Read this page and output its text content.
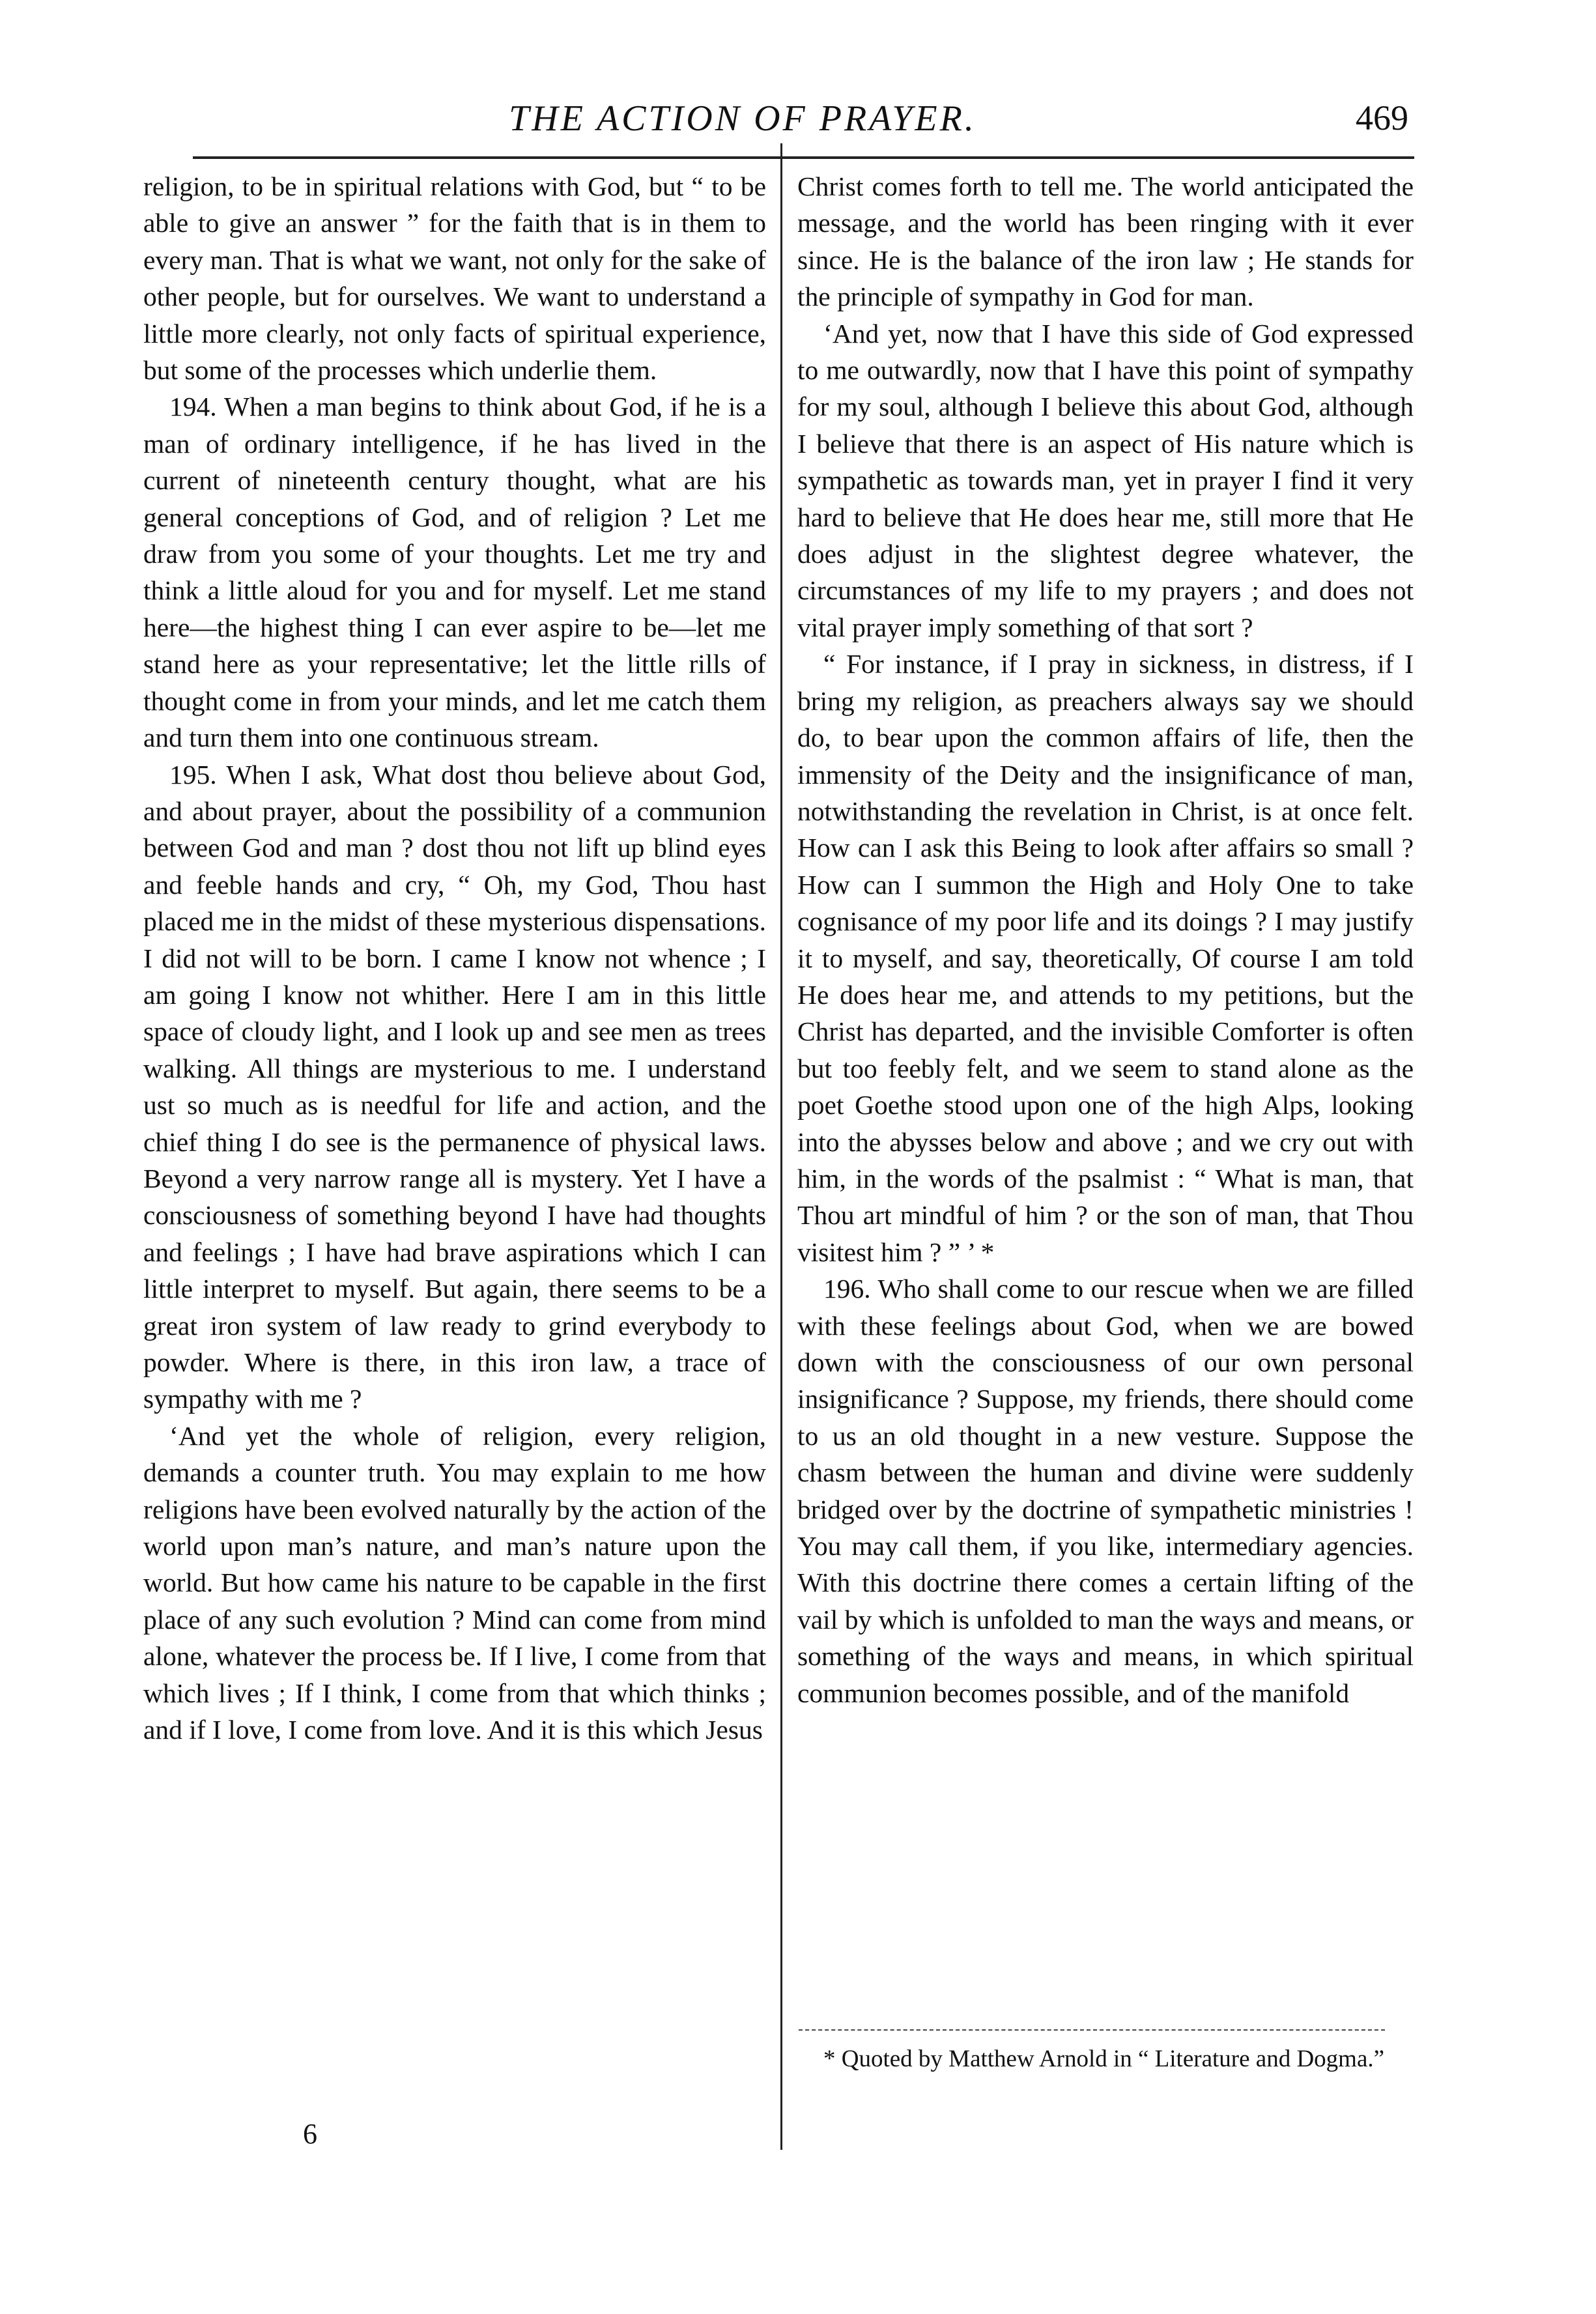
THE ACTION OF PRAYER.	469

religion, to be in spiritual relations with God, but “ to be able to give an answer ” for the faith that is in them to every man. That is what we want, not only for the sake of other people, but for ourselves. We want to understand a little more clearly, not only facts of spiritual experience, but some of the processes which underlie them.

194. When a man begins to think about God, if he is a man of ordinary intelligence, if he has lived in the current of nineteenth century thought, what are his general conceptions of God, and of religion ? Let me draw from you some of your thoughts. Let me try and think a little aloud for you and for myself. Let me stand here—the highest thing I can ever aspire to be—let me stand here as your representative; let the little rills of thought come in from your minds, and let me catch them and turn them into one continuous stream.

195. When I ask, What dost thou believe about God, and about prayer, about the possibility of a communion between God and man ? dost thou not lift up blind eyes and feeble hands and cry, “ Oh, my God, Thou hast placed me in the midst of these mysterious dispensations. I did not will to be born. I came I know not whence ; I am going I know not whither. Here I am in this little space of cloudy light, and I look up and see men as trees walking. All things are mysterious to me. I understand ust so much as is needful for life and action, and the chief thing I do see is the permanence of physical laws. Beyond a very narrow range all is mystery. Yet I have a consciousness of something beyond I have had thoughts and feelings ; I have had brave aspirations which I can little interpret to myself. But again, there seems to be a great iron system of law ready to grind everybody to powder. Where is there, in this iron law, a trace of sympathy with me ?

‘And yet the whole of religion, every religion, demands a counter truth. You may explain to me how religions have been evolved naturally by the action of the world upon man’s nature, and man’s nature upon the world. But how came his nature to be capable in the first place of any such evolution ? Mind can come from mind alone, whatever the process be. If I live, I come from that which lives ; If I think, I come from that which thinks ; and if I love, I come from love. And it is this which Jesus

Christ comes forth to tell me. The world anticipated the message, and the world has been ringing with it ever since. He is the balance of the iron law ; He stands for the principle of sympathy in God for man.

‘And yet, now that I have this side of God expressed to me outwardly, now that I have this point of sympathy for my soul, although I believe this about God, although I believe that there is an aspect of His nature which is sympathetic as towards man, yet in prayer I find it very hard to believe that He does hear me, still more that He does adjust in the slightest degree whatever, the circumstances of my life to my prayers ; and does not vital prayer imply something of that sort ?

“ For instance, if I pray in sickness, in distress, if I bring my religion, as preachers always say we should do, to bear upon the common affairs of life, then the immensity of the Deity and the insignificance of man, notwithstanding the revelation in Christ, is at once felt. How can I ask this Being to look after affairs so small ? How can I summon the High and Holy One to take cognisance of my poor life and its doings ? I may justify it to myself, and say, theoretically, Of course I am told He does hear me, and attends to my petitions, but the Christ has departed, and the invisible Comforter is often but too feebly felt, and we seem to stand alone as the poet Goethe stood upon one of the high Alps, looking into the abysses below and above ; and we cry out with him, in the words of the psalmist : “ What is man, that Thou art mindful of him ? or the son of man, that Thou visitest him ? ” ’ *

196. Who shall come to our rescue when we are filled with these feelings about God, when we are bowed down with the consciousness of our own personal insignificance ? Suppose, my friends, there should come to us an old thought in a new vesture. Suppose the chasm between the human and divine were suddenly bridged over by the doctrine of sympathetic ministries ! You may call them, if you like, intermediary agencies. With this doctrine there comes a certain lifting of the vail by which is unfolded to man the ways and means, or something of the ways and means, in which spiritual communion becomes possible, and of the manifold

* Quoted by Matthew Arnold in “ Literature and Dogma.”
6
